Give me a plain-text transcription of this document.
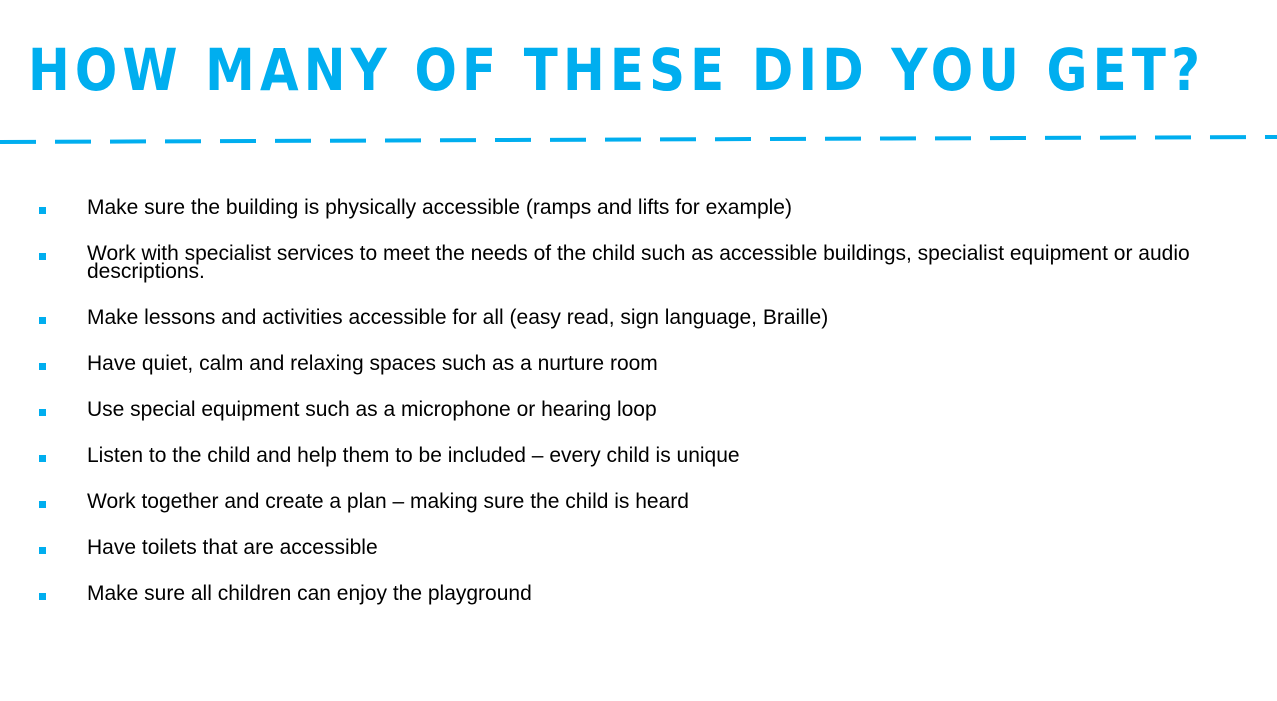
HOW MANY OF THESE DID YOU GET?
Make sure the building is physically accessible (ramps and lifts for example)
Work with specialist services to meet the needs of the child such as accessible buildings, specialist equipment or audio descriptions.
Make lessons and activities accessible for all (easy read, sign language, Braille)
Have quiet, calm and relaxing spaces such as a nurture room
Use special equipment such as a microphone or hearing loop
Listen to the child and help them to be included – every child is unique
Work together and create a plan – making sure the child is heard
Have toilets that are accessible
Make sure all children can enjoy the playground
